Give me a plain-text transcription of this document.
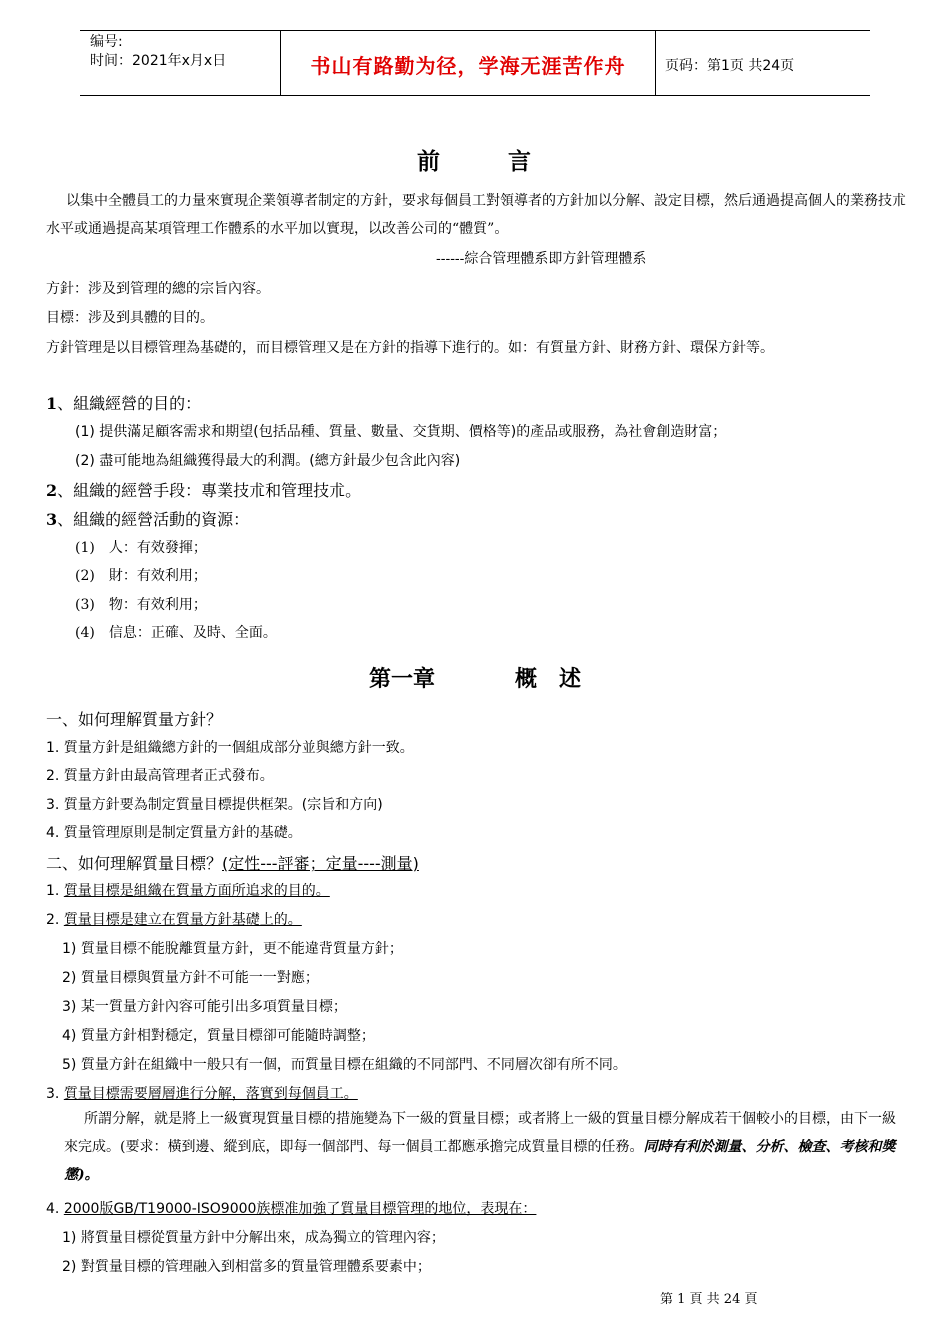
编号:
时间：2021年x月x日	书山有路勤为径，学海无涯苦作舟	页码：第1页 共24页
前	言
以集中全體員工的力量來實現企業領導者制定的方針，要求每個員工對領導者的方針加以分解、設定目標，然后通過提高個人的業務技朮水平或通過提高某項管理工作體系的水平加以實現，以改善公司的“體質”。
------綜合管理體系即方針管理體系
方針：涉及到管理的總的宗旨內容。
目標：涉及到具體的目的。
方針管理是以目標管理為基礎的，而目標管理又是在方針的指導下進行的。如：有質量方針、財務方針、環保方針等。
1、組織經營的目的：
(1) 提供滿足顧客需求和期望(包括品種、質量、數量、交貨期、價格等)的產品或服務，為社會創造財富；
(2) 盡可能地為組織獲得最大的利潤。(總方針最少包含此內容)
2、組織的經營手段：專業技朮和管理技朮。
3、組織的經營活動的資源：
(1)　人：有效發揮；
(2)　財：有效利用；
(3)　物：有效利用；
(4)　信息：正確、及時、全面。
第一章	概　述
一、如何理解質量方針？
1. 質量方針是組織總方針的一個組成部分並與總方針一致。
2. 質量方針由最高管理者正式發布。
3. 質量方針要為制定質量目標提供框架。(宗旨和方向)
4. 質量管理原則是制定質量方針的基礎。
二、如何理解質量目標？(定性---評審；定量----測量)
1. 質量目標是組織在質量方面所追求的目的。
2. 質量目標是建立在質量方針基礎上的。
1) 質量目標不能脫離質量方針，更不能違背質量方針；
2) 質量目標與質量方針不可能一一對應；
3) 某一質量方針內容可能引出多項質量目標；
4) 質量方針相對穩定，質量目標卻可能隨時調整；
5) 質量方針在組織中一般只有一個，而質量目標在組織的不同部門、不同層次卻有所不同。
3. 質量目標需要層層進行分解，落實到每個員工。
所謂分解，就是將上一級實現質量目標的措施變為下一級的質量目標；或者將上一級的質量目標分解成若干個較小的目標，由下一級來完成。(要求：橫到邊、縱到底，即每一個部門、每一個員工都應承擔完成質量目標的任務。同時有利於測量、分析、檢查、考核和獎懲)。
4. 2000版GB/T19000-ISO9000族標准加強了質量目標管理的地位，表現在：
1) 將質量目標從質量方針中分解出來，成為獨立的管理內容；
2) 對質量目標的管理融入到相當多的質量管理體系要素中；
第 1 頁 共 24 頁
